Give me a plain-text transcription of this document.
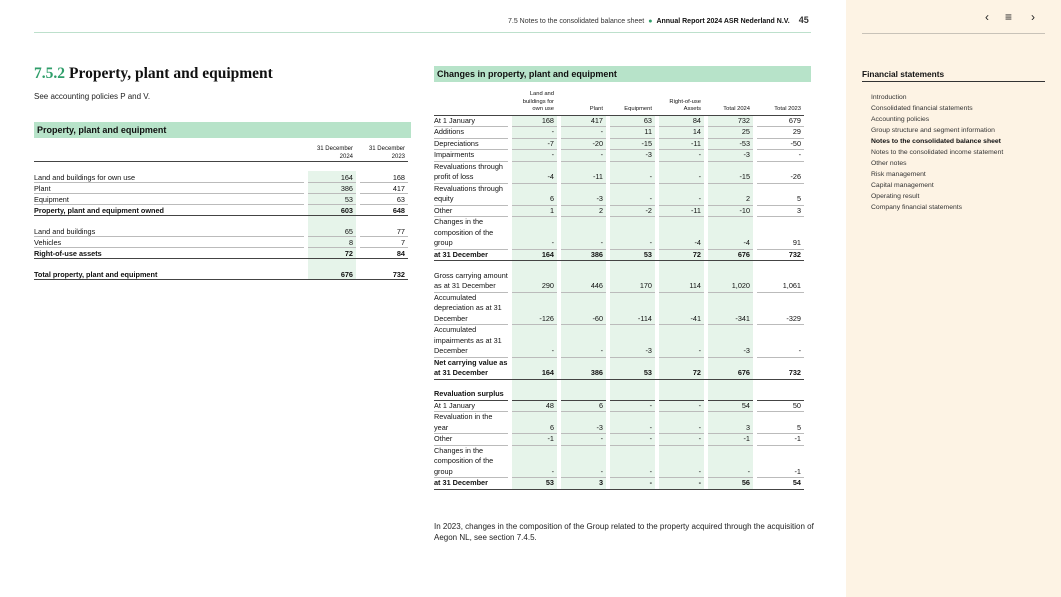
7.5 Notes to the consolidated balance sheet ● Annual Report 2024 ASR Nederland N.V. 45
7.5.2 Property, plant and equipment
See accounting policies P and V.
Property, plant and equipment
		31 December 2024		31 December 2023

Land and buildings for own use		164		168
Plant		386		417
Equipment		53		63
Property, plant and equipment owned		603		648

Land and buildings		65		77
Vehicles		8		7
Right-of-use assets		72		84

Total property, plant and equipment		676		732
Changes in property, plant and equipment
		Land and buildings for own use		Plant		Equipment		Right-of-use Assets		Total 2024		Total 2023
At 1 January		168		417		63		84		732		679
Additions		-		-		11		14		25		29
Depreciations		-7		-20		-15		-11		-53		-50
Impairments		-		-		-3		-		-3		-
Revaluations through profit of loss		-4		-11		-		-		-15		-26
Revaluations through equity		6		-3		-		-		2		5
Other		1		2		-2		-11		-10		3
Changes in the composition of the group		-		-		-		-4		-4		91
at 31 December		164		386		53		72		676		732

Gross carrying amount as at 31 December		290		446		170		114		1,020		1,061
Accumulated depreciation as at 31 December		-126		-60		-114		-41		-341		-329
Accumulated impairments as at 31 December		-		-		-3		-		-3		-
Net carrying value as at 31 December		164		386		53		72		676		732

Revaluation surplus												
At 1 January		48		6		-		-		54		50
Revaluation in the year		6		-3		-		-		3		5
Other		-1		-		-		-		-1		-1
Changes in the composition of the group		-		-		-		-		-		-1
at 31 December		53		3		-		-		56		54
In 2023, changes in the composition of the Group related to the property acquired through the acquisition of Aegon NL, see section 7.4.5.
‹ ≡ ›
Financial statements
Introduction
Consolidated financial statements
Accounting policies
Group structure and segment information
Notes to the consolidated balance sheet
Notes to the consolidated income statement
Other notes
Risk management
Capital management
Operating result
Company financial statements
